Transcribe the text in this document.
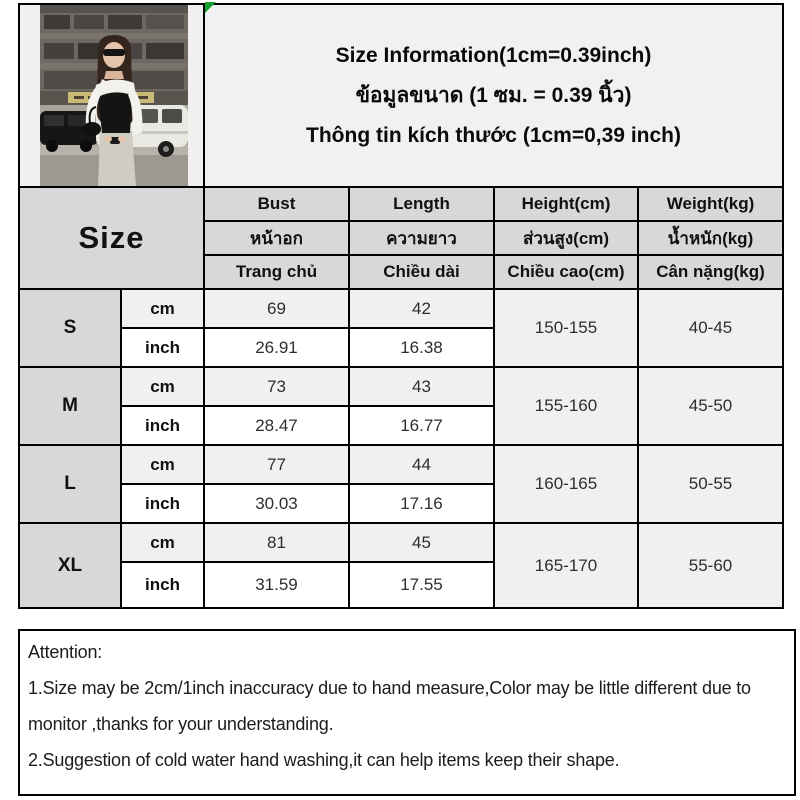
Size Information(1cm=0.39inch)
ข้อมูลขนาด (1 ซม. = 0.39 นิ้ว)
Thông tin kích thước (1cm=0,39 inch)			

Size		Bust	Length	Height(cm)	Weight(kg)
		หน้าอก	ความยาว	ส่วนสูง(cm)	น้ำหนัก(kg)
		Trang chủ	Chiều dài	Chiều cao(cm)	Cân nặng(kg)
S	cm	69	42	150-155	40-45
	inch	26.91	16.38		
M	cm	73	43	155-160	45-50
	inch	28.47	16.77		
L	cm	77	44	160-165	50-55
	inch	30.03	17.16		
XL	cm	81	45	165-170	55-60
	inch	31.59	17.55		
Attention:
1.Size may be 2cm/1inch inaccuracy due to hand measure,Color may be little different due to monitor ,thanks for your understanding.
2.Suggestion of cold water hand washing,it can help items keep their shape.
